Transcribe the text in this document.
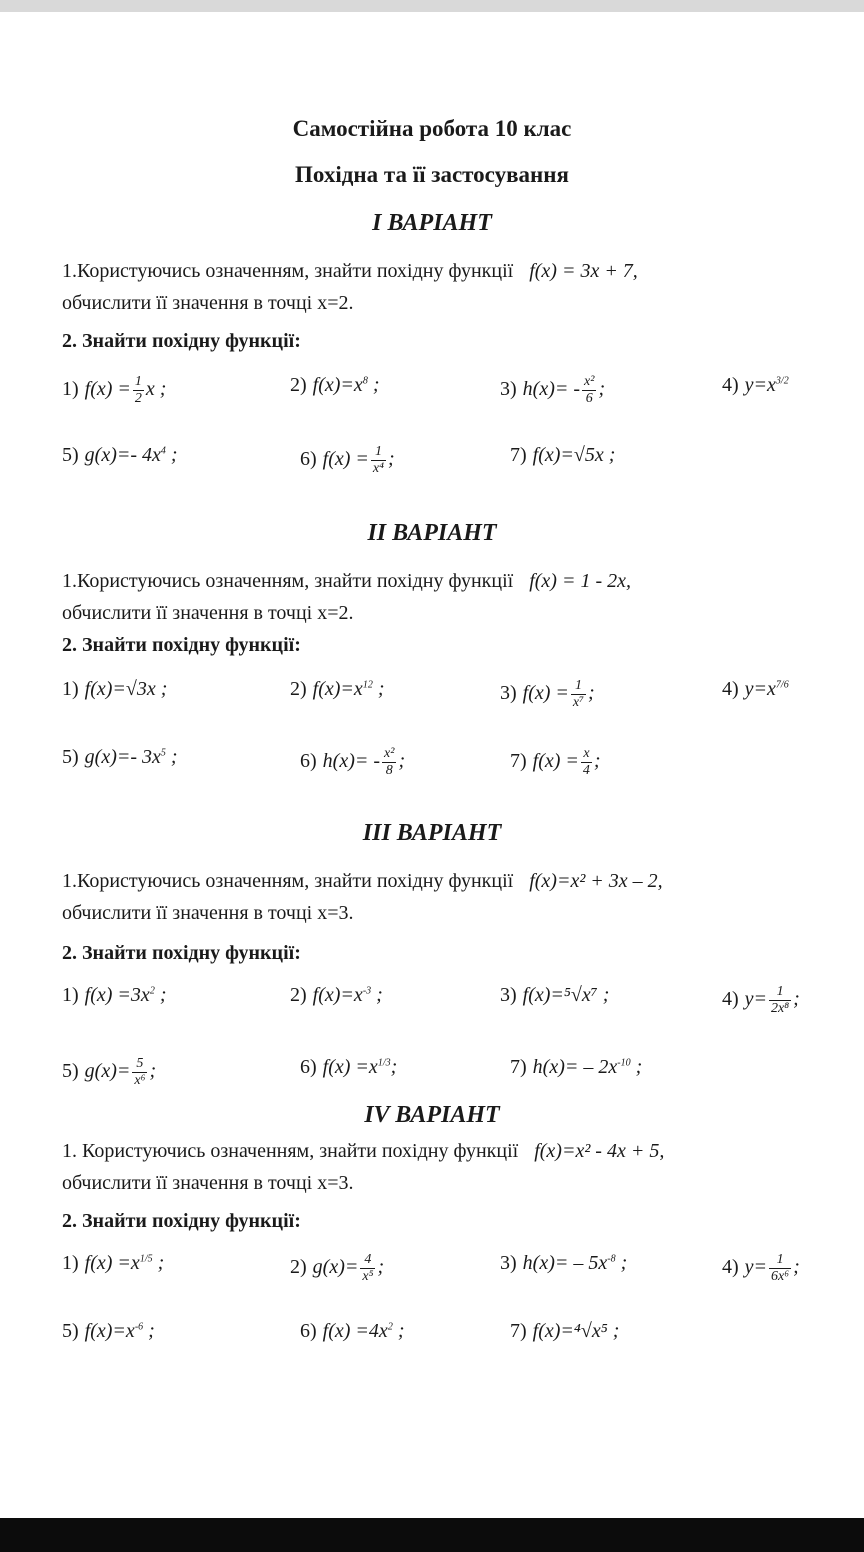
Самостійна робота 10 клас
Похідна та її застосування
I ВАРІАНТ
1.Користуючись означенням, знайти похідну функції f(x) = 3x + 7,
обчислити її значення в точці x=2.
2. Знайти похідну функції:
1) $f(x) = \frac{1}{2}$ x ;	2) $f(x)=x^8$ ;	3) $h(x)= - \frac{\text{x²}}{6}$ ;	4) $y=x^{3/2}$
5) g(x)=- $4x^4$ ;	6) $f(x) = \frac{1}{\text{x⁴}}$ ;	7) f(x)=√5x ;
II ВАРІАНТ
1.Користуючись означенням, знайти похідну функції f(x) = 1 - 2x,
обчислити її значення в точці x=2.
2. Знайти похідну функції:
1) f(x)=√3x ;	2) $f(x)=x^{12}$ ;	3) $f(x) = \frac{1}{\text{x⁷}}$ ;	4) $y=x^{7/6}$
5) g(x)=- $3x^5$ ;	6) $h(x)= - \frac{\text{x²}}{8}$ ;	7) $f(x) = \frac{x}{4}$ ;
III ВАРІАНТ
1.Користуючись означенням, знайти похідну функції f(x)=x² + 3x – 2,
обчислити її значення в точці x=3.
2. Знайти похідну функції:
1) $f(x) =3x^2$ ;	2) $f(x)=x^{-3}$ ;	3) f(x)=⁵√x⁷ ;	4) $y= \frac{1}{\text{2x⁸}}$ ;
5) $g(x)= \frac{5}{\text{x⁶}}$ ;	6) $f(x) =x^{1/3}$;	7) $h(x)= - 2x^{-10}$ ;
IV ВАРІАНТ
1. Користуючись означенням, знайти похідну функції f(x)=x² - 4x + 5,
обчислити її значення в точці x=3.
2. Знайти похідну функції:
1) $f(x) =x^{1/5}$ ;	2) $g(x)= \frac{4}{\text{x⁵}}$ ;	3) $h(x)= - 5x^{-8}$ ;	4) $y= \frac{1}{\text{6x⁶}}$ ;
5) $f(x)=x^{-6}$ ;	6) $f(x) =4x^2$ ;	7) f(x)=⁴√x⁵ ;
